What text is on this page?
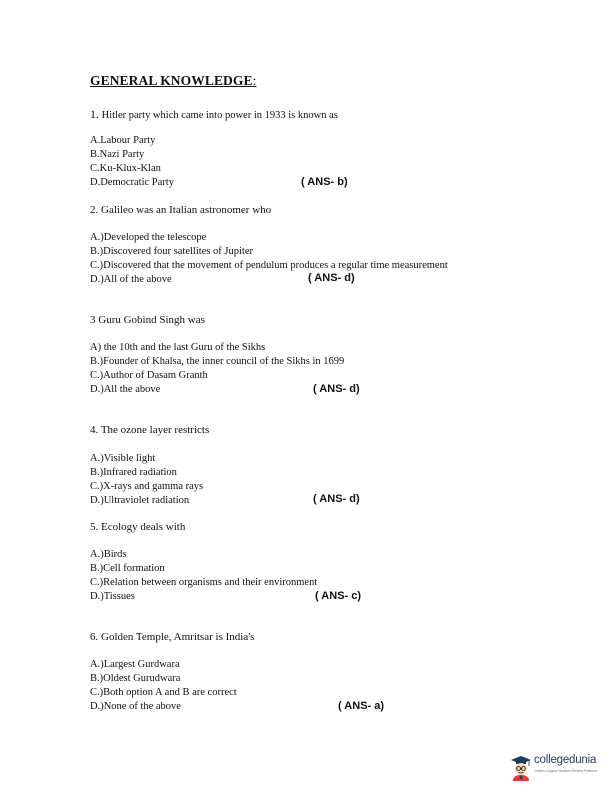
GENERAL KNOWLEDGE:
1. Hitler party which came into power in 1933 is known as
A.Labour Party
B.Nazi Party
C.Ku-Klux-Klan
D.Democratic Party	( ANS- b)
2. Galileo was an Italian astronomer who
A.)Developed the telescope
B.)Discovered four satellites of Jupiter
C.)Discovered that the movement of pendulum produces a regular time measurement
D.)All of the above	( ANS- d)
3 Guru Gobind Singh was
A) the 10th and the last Guru of the Sikhs
B.)Founder of Khalsa, the inner council of the Sikhs in 1699
C.)Author of Dasam Granth
D.)All the above	( ANS- d)
4. The ozone layer restricts
A.)Visible light
B.)Infrared radiation
C.)X-rays and gamma rays
D.)Ultraviolet radiation	( ANS- d)
5. Ecology deals with
A.)Birds
B.)Cell formation
C.)Relation between organisms and their environment
D.)Tissues	( ANS- c)
6. Golden Temple, Amritsar is India's
A.)Largest Gurdwara
B.)Oldest Gurudwara
C.)Both option A and B are correct
D.)None of the above	( ANS- a)
collegedunia
India's Largest Student Review Platform
